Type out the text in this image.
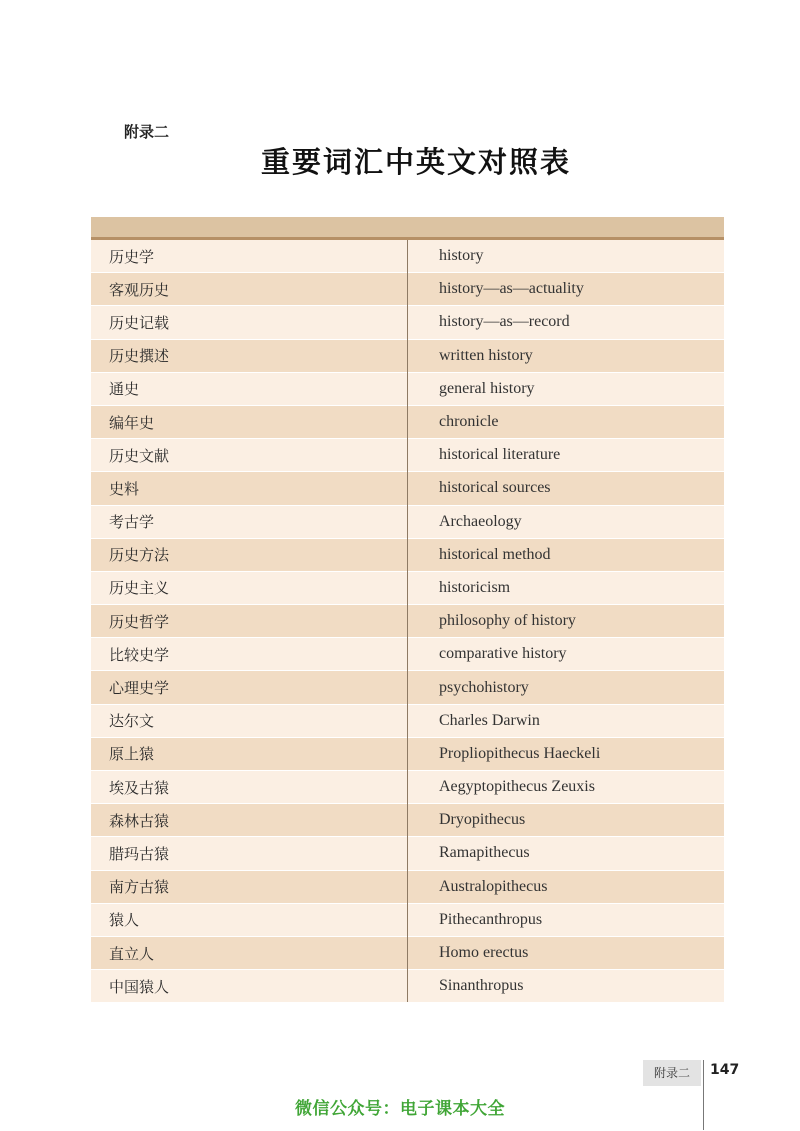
附录二
重要词汇中英文对照表

历史学	history
客观历史	history—as—actuality
历史记载	history—as—record
历史撰述	written history
通史	general history
编年史	chronicle
历史文献	historical literature
史料	historical sources
考古学	Archaeology
历史方法	historical method
历史主义	historicism
历史哲学	philosophy of history
比较史学	comparative history
心理史学	psychohistory
达尔文	Charles Darwin
原上猿	Propliopithecus Haeckeli
埃及古猿	Aegyptopithecus Zeuxis
森林古猿	Dryopithecus
腊玛古猿	Ramapithecus
南方古猿	Australopithecus
猿人	Pithecanthropus
直立人	Homo erectus
中国猿人	Sinanthropus
附录二	147
微信公众号：电子课本大全
